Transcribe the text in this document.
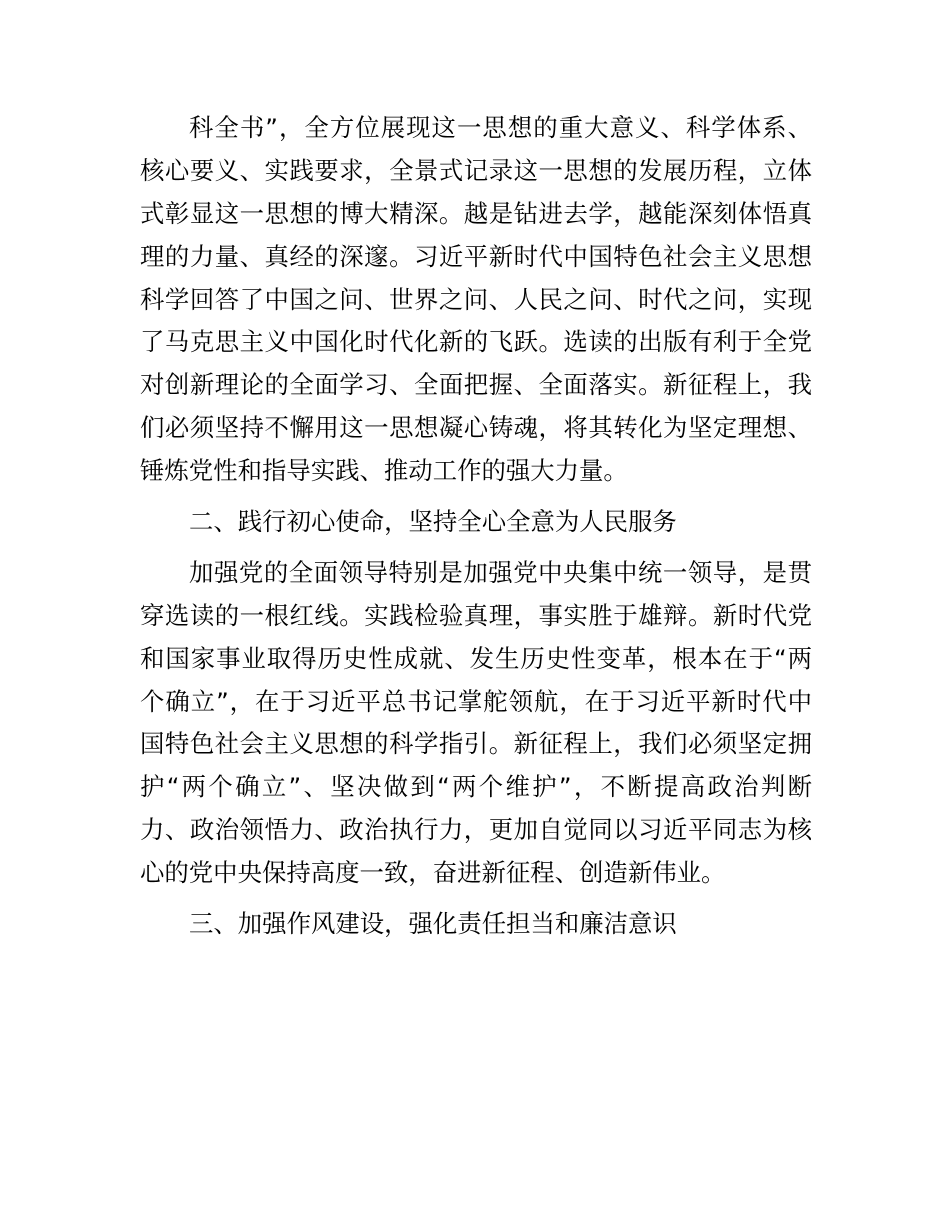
科全书”，全方位展现这一思想的重大意义、科学体系、
核心要义、实践要求，全景式记录这一思想的发展历程，立体
式彰显这一思想的博大精深。越是钻进去学，越能深刻体悟真
理的力量、真经的深邃。习近平新时代中国特色社会主义思想
科学回答了中国之问、世界之问、人民之问、时代之问，实现
了马克思主义中国化时代化新的飞跃。选读的出版有利于全党
对创新理论的全面学习、全面把握、全面落实。新征程上，我
们必须坚持不懈用这一思想凝心铸魂，将其转化为坚定理想、
锤炼党性和指导实践、推动工作的强大力量。
二、践行初心使命，坚持全心全意为人民服务
加强党的全面领导特别是加强党中央集中统一领导，是贯
穿选读的一根红线。实践检验真理，事实胜于雄辩。新时代党
和国家事业取得历史性成就、发生历史性变革，根本在于“两
个确立”，在于习近平总书记掌舵领航，在于习近平新时代中
国特色社会主义思想的科学指引。新征程上，我们必须坚定拥
护“两个确立”、坚决做到“两个维护”，不断提高政治判断
力、政治领悟力、政治执行力，更加自觉同以习近平同志为核
心的党中央保持高度一致，奋进新征程、创造新伟业。
三、加强作风建设，强化责任担当和廉洁意识
